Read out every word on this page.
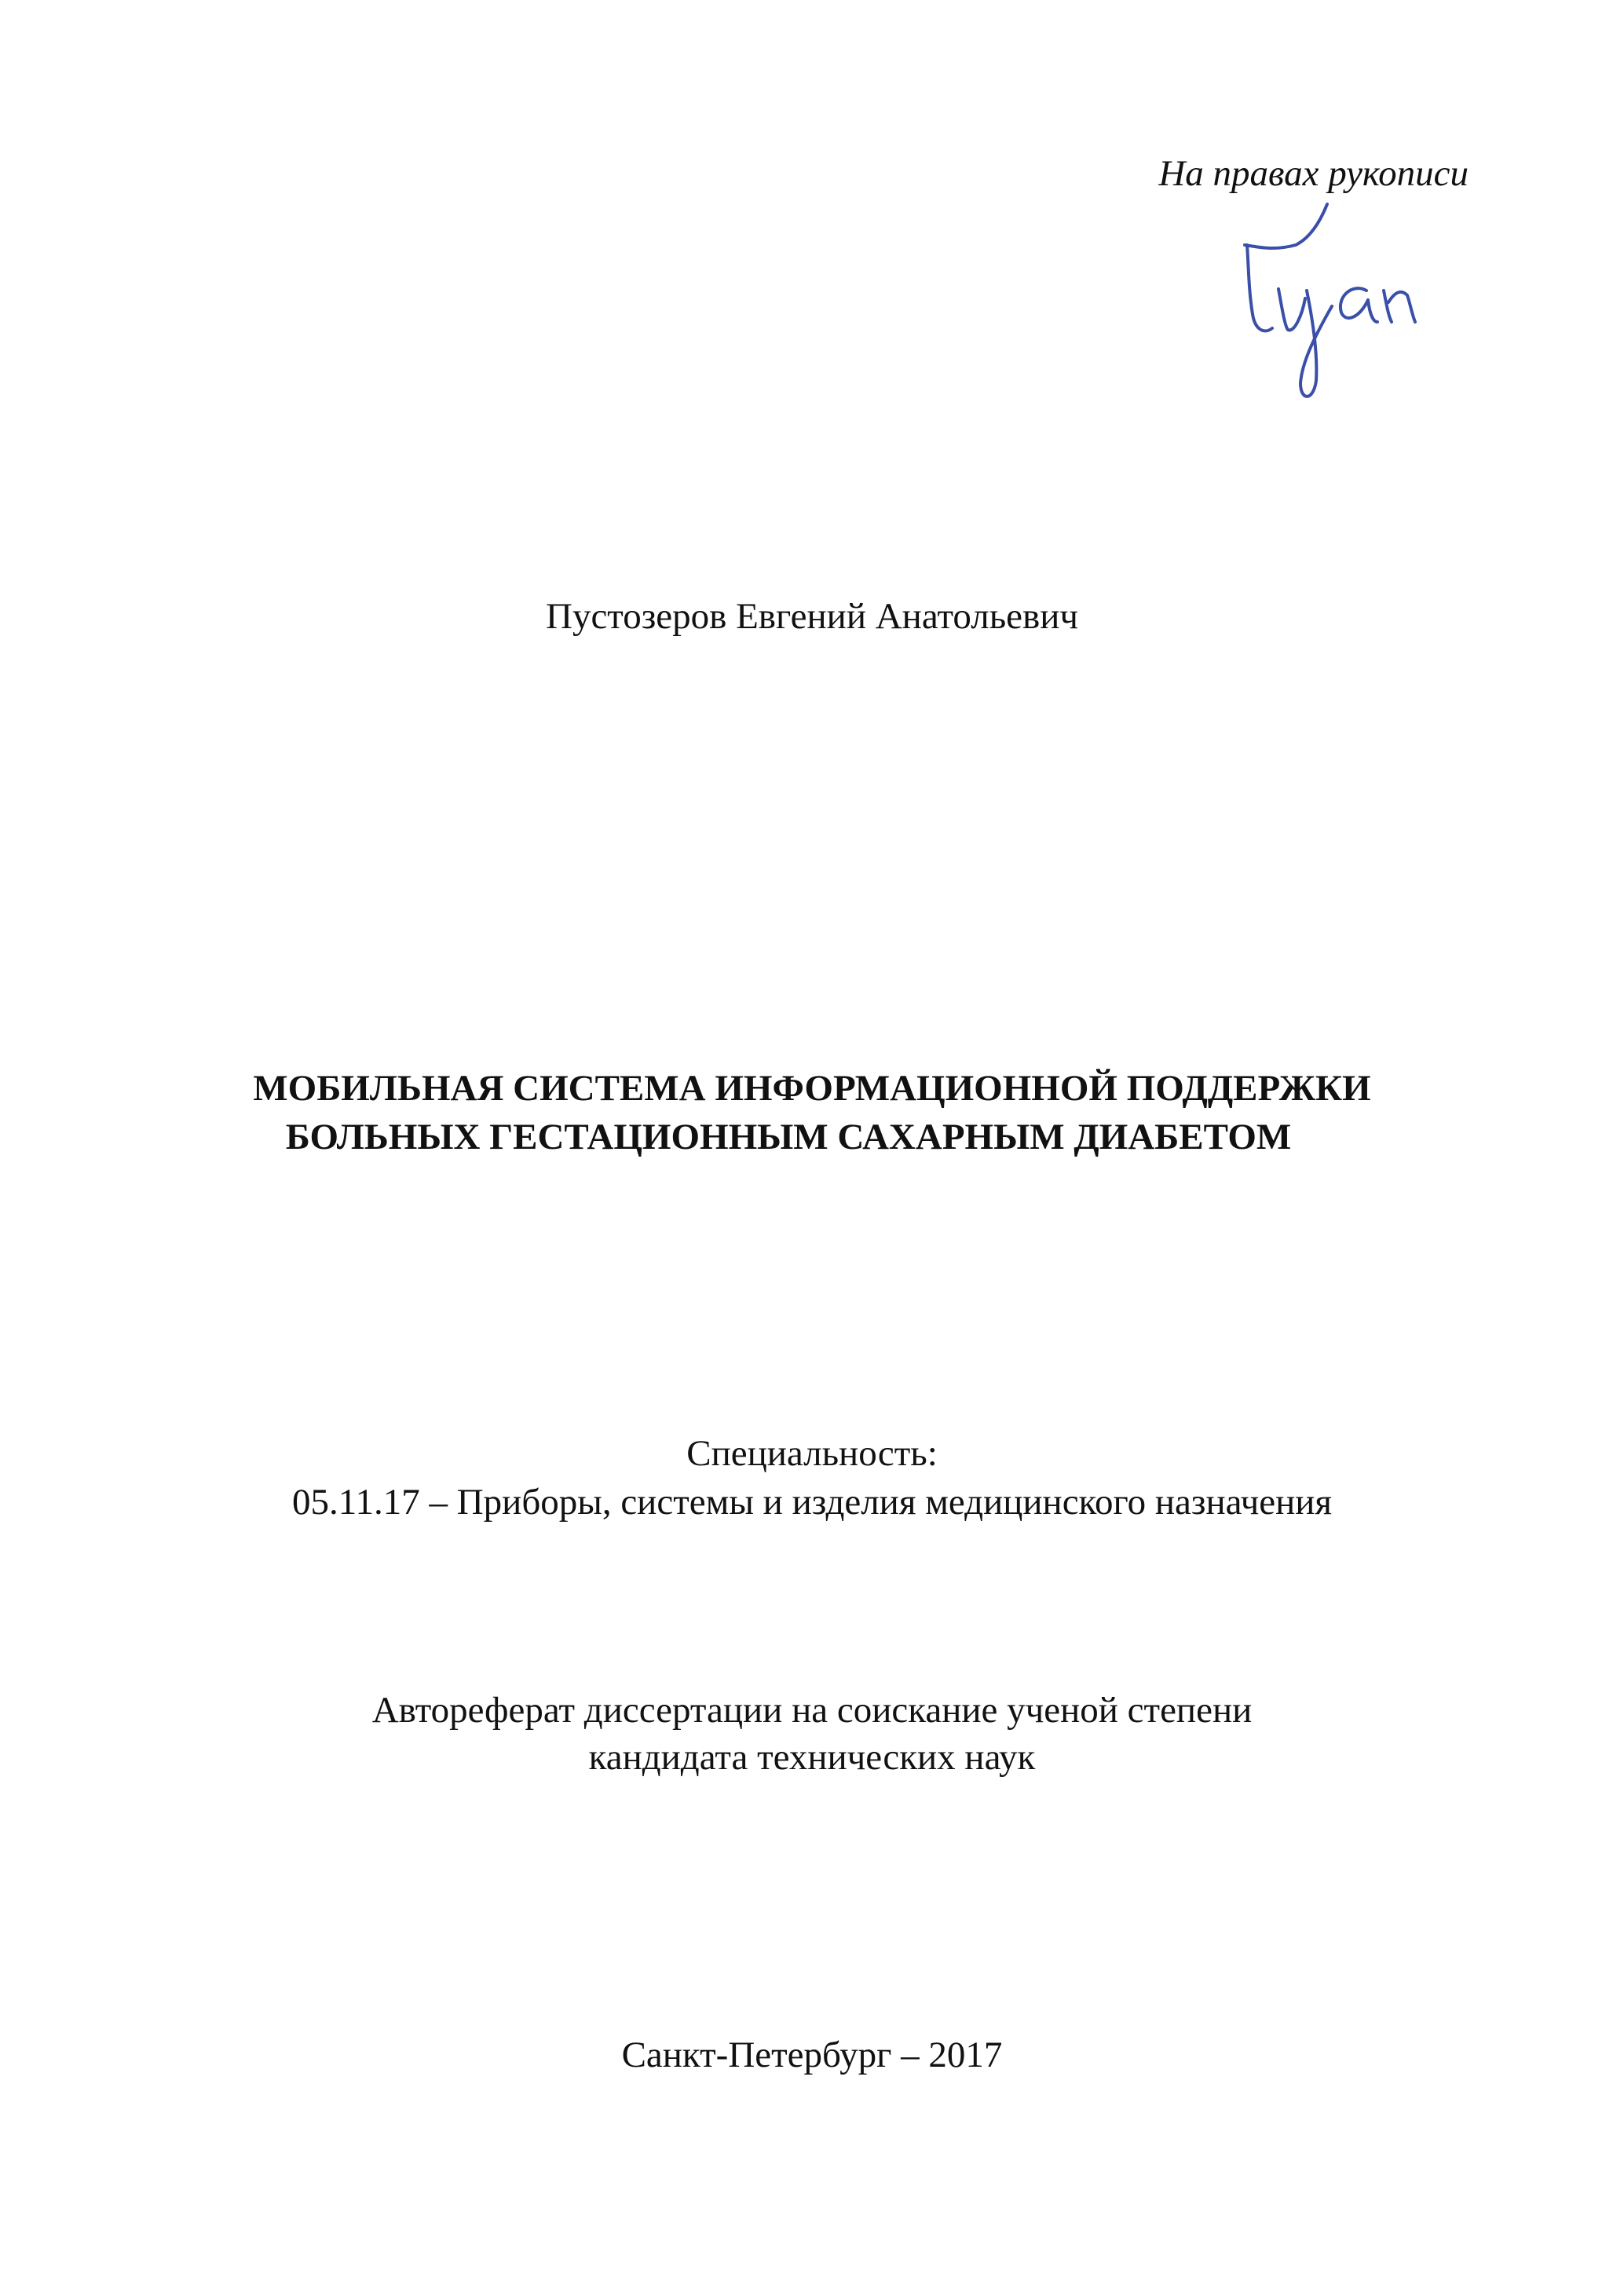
На правах рукописи
Пустозеров Евгений Анатольевич
МОБИЛЬНАЯ СИСТЕМА ИНФОРМАЦИОННОЙ ПОДДЕРЖКИ
БОЛЬНЫХ ГЕСТАЦИОННЫМ САХАРНЫМ ДИАБЕТОМ
Специальность:
05.11.17 – Приборы, системы и изделия медицинского назначения
Автореферат диссертации на соискание ученой степени
кандидата технических наук
Санкт-Петербург – 2017
